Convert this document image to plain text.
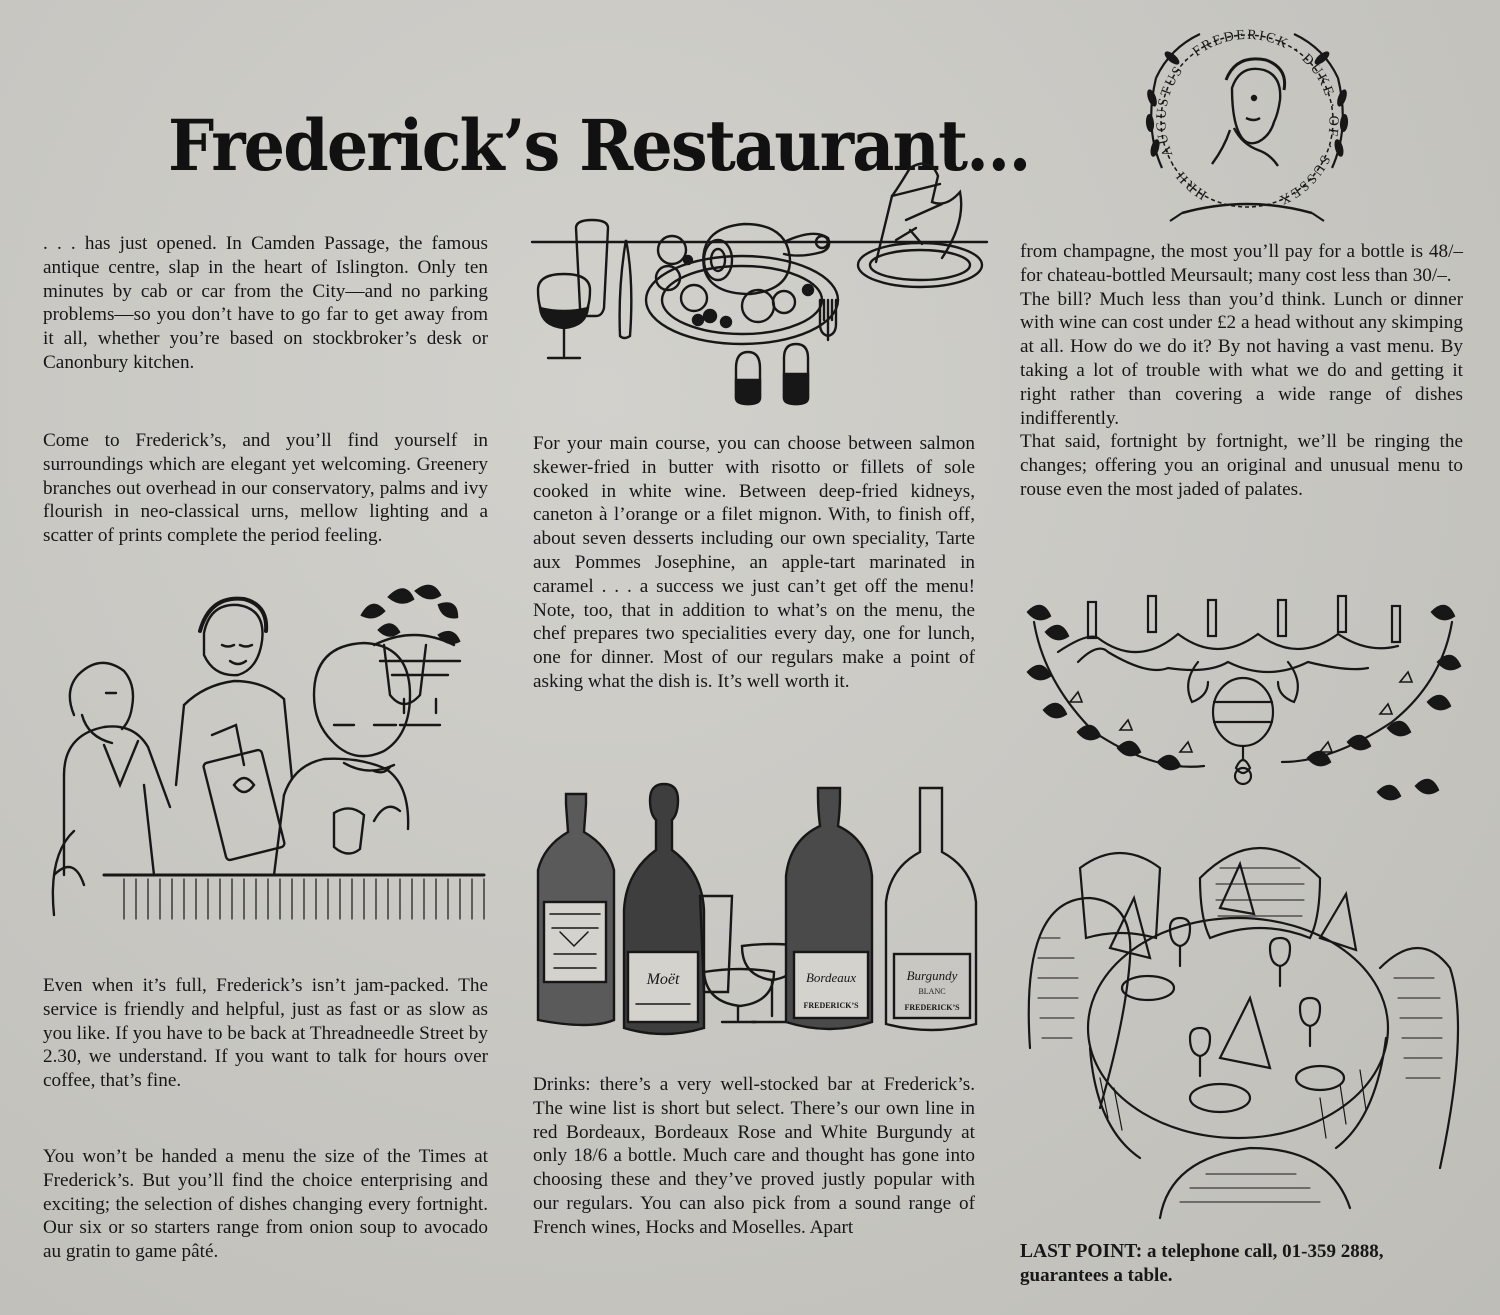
Frederick’s Restaurant…
HRH · AUGUSTUS · FREDERICK · DUKE · OF · SUSSEX ·

. . . has just opened. In Camden Passage, the famous antique centre, slap in the heart of Islington. Only ten minutes by cab or car from the City—and no parking problems—so you don’t have to go far to get away from it all, whether you’re based on stockbroker’s desk or Canonbury kitchen.

Come to Frederick’s, and you’ll find yourself in surroundings which are elegant yet welcoming. Greenery branches out overhead in our conservatory, palms and ivy flourish in neo-classical urns, mellow lighting and a scatter of prints complete the period feeling.

Even when it’s full, Frederick’s isn’t jam-packed. The service is friendly and helpful, just as fast or as slow as you like. If you have to be back at Threadneedle Street by 2.30, we understand. If you want to talk for hours over coffee, that’s fine.

You won’t be handed a menu the size of the Times at Frederick’s. But you’ll find the choice enterprising and exciting; the selection of dishes changing every fortnight. Our six or so starters range from onion soup to avocado au gratin to game pâté.

For your main course, you can choose between salmon skewer-fried in butter with risotto or fillets of sole cooked in white wine. Between deep-fried kidneys, caneton à l’orange or a filet mignon. With, to finish off, about seven desserts including our own speciality, Tarte aux Pommes Josephine, an apple-tart marinated in caramel . . . a success we just can’t get off the menu! Note, too, that in addition to what’s on the menu, the chef prepares two specialities every day, one for lunch, one for dinner. Most of our regulars make a point of asking what the dish is. It’s well worth it.

Moët	Bordeaux
FREDERICK’S
Burgundy
BLANC
FREDERICK’S

Drinks: there’s a very well-stocked bar at Frederick’s. The wine list is short but select. There’s our own line in red Bordeaux, Bordeaux Rose and White Burgundy at only 18/6 a bottle. Much care and thought has gone into choosing these and they’ve proved justly popular with our regulars. You can also pick from a sound range of French wines, Hocks and Moselles. Apart

from champagne, the most you’ll pay for a bottle is 48/– for chateau-bottled Meursault; many cost less than 30/–.

The bill? Much less than you’d think. Lunch or dinner with wine can cost under £2 a head without any skimping at all. How do we do it? By not having a vast menu. By taking a lot of trouble with what we do and getting it right rather than covering a wide range of dishes indifferently.

That said, fortnight by fortnight, we’ll be ringing the changes; offering you an original and unusual menu to rouse even the most jaded of palates.

LAST POINT: a telephone call, 01-359 2888, guarantees a table.
